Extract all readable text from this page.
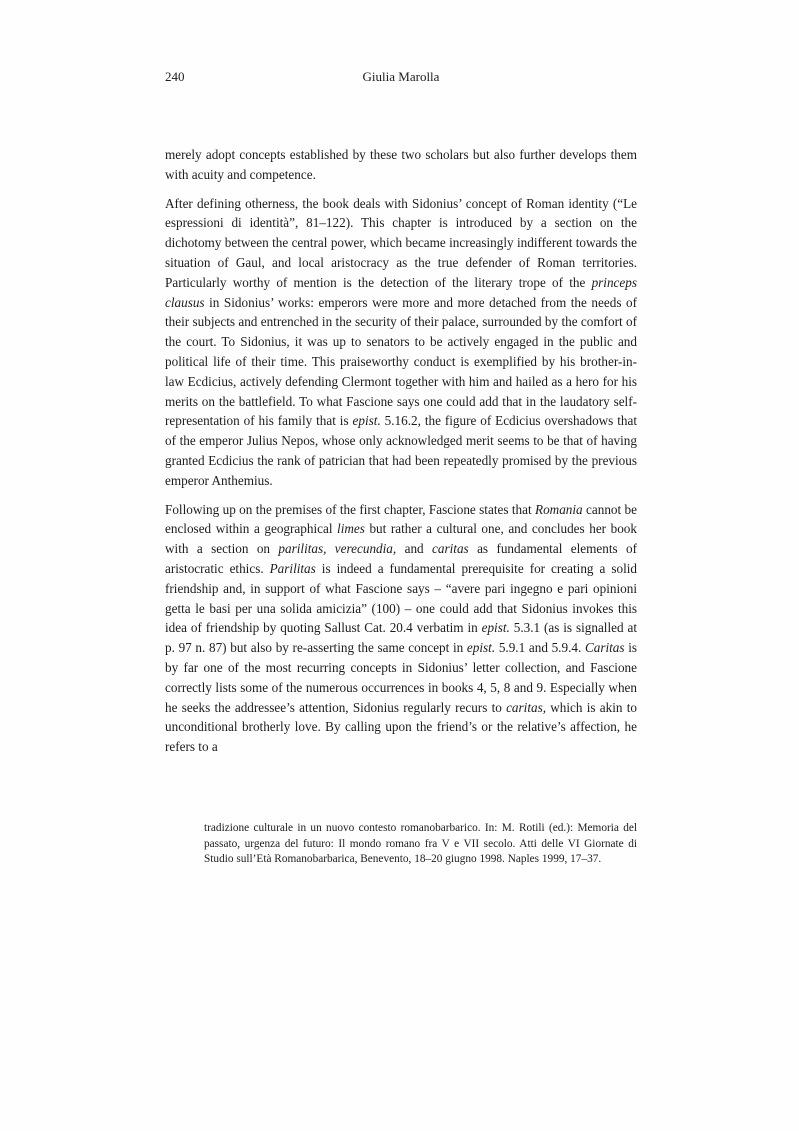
240	Giulia Marolla

merely adopt concepts established by these two scholars but also further develops them with acuity and competence.

After defining otherness, the book deals with Sidonius’ concept of Roman identity (“Le espressioni di identità”, 81–122). This chapter is introduced by a section on the dichotomy between the central power, which became increasingly indifferent towards the situation of Gaul, and local aristocracy as the true defender of Roman territories. Particularly worthy of mention is the detection of the literary trope of the princeps clausus in Sidonius’ works: emperors were more and more detached from the needs of their subjects and entrenched in the security of their palace, surrounded by the comfort of the court. To Sidonius, it was up to senators to be actively engaged in the public and political life of their time. This praiseworthy conduct is exemplified by his brother-in-law Ecdicius, actively defending Clermont together with him and hailed as a hero for his merits on the battlefield. To what Fascione says one could add that in the laudatory self-representation of his family that is epist. 5.16.2, the figure of Ecdicius overshadows that of the emperor Julius Nepos, whose only acknowledged merit seems to be that of having granted Ecdicius the rank of patrician that had been repeatedly promised by the previous emperor Anthemius.

Following up on the premises of the first chapter, Fascione states that Romania cannot be enclosed within a geographical limes but rather a cultural one, and concludes her book with a section on parilitas, verecundia, and caritas as fundamental elements of aristocratic ethics. Parilitas is indeed a fundamental prerequisite for creating a solid friendship and, in support of what Fascione says – “avere pari ingegno e pari opinioni getta le basi per una solida amicizia” (100) – one could add that Sidonius invokes this idea of friendship by quoting Sallust Cat. 20.4 verbatim in epist. 5.3.1 (as is signalled at p. 97 n. 87) but also by re-asserting the same concept in epist. 5.9.1 and 5.9.4. Caritas is by far one of the most recurring concepts in Sidonius’ letter collection, and Fascione correctly lists some of the numerous occurrences in books 4, 5, 8 and 9. Especially when he seeks the addressee’s attention, Sidonius regularly recurs to caritas, which is akin to unconditional brotherly love. By calling upon the friend’s or the relative’s affection, he refers to a

tradizione culturale in un nuovo contesto romanobarbarico. In: M. Rotili (ed.): Memoria del passato, urgenza del futuro: Il mondo romano fra V e VII secolo. Atti delle VI Giornate di Studio sull’Età Romanobarbarica, Benevento, 18–20 giugno 1998. Naples 1999, 17–37.
